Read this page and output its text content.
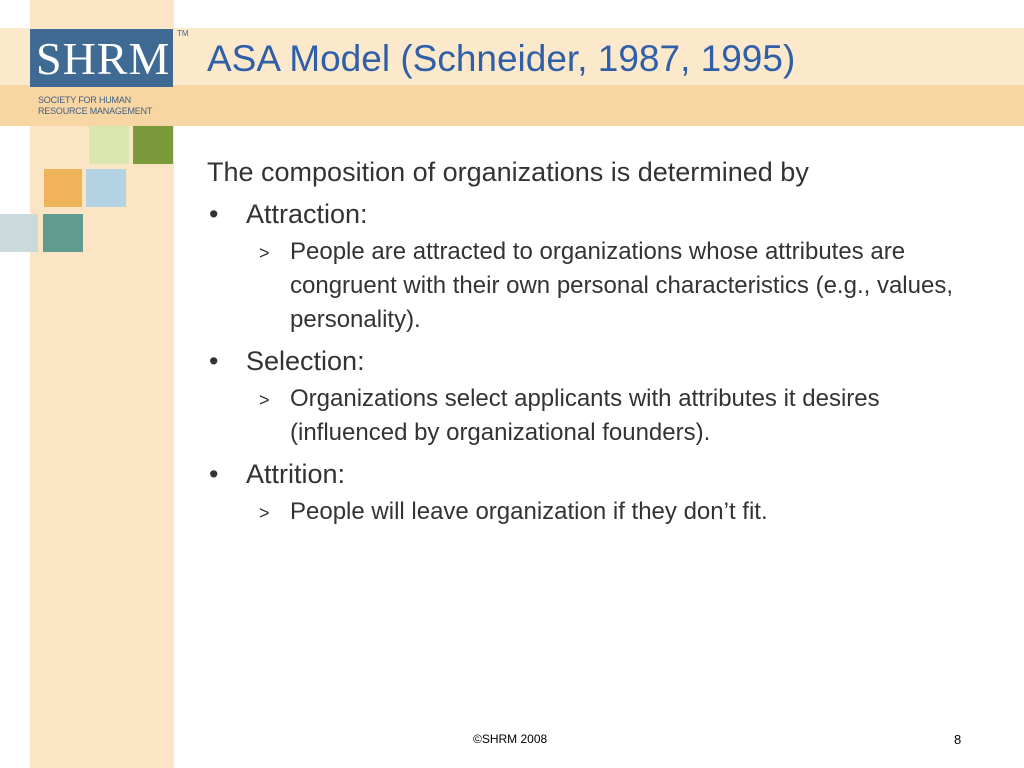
SHRM TM
SOCIETY FOR HUMAN
RESOURCE MANAGEMENT
ASA Model (Schneider, 1987, 1995)

The composition of organizations is determined by

• Attraction:
> People are attracted to organizations whose attributes are congruent with their own personal characteristics (e.g., values, personality).
• Selection:
> Organizations select applicants with attributes it desires (influenced by organizational founders).
• Attrition:
> People will leave organization if they don’t fit.
©SHRM 2008	8
